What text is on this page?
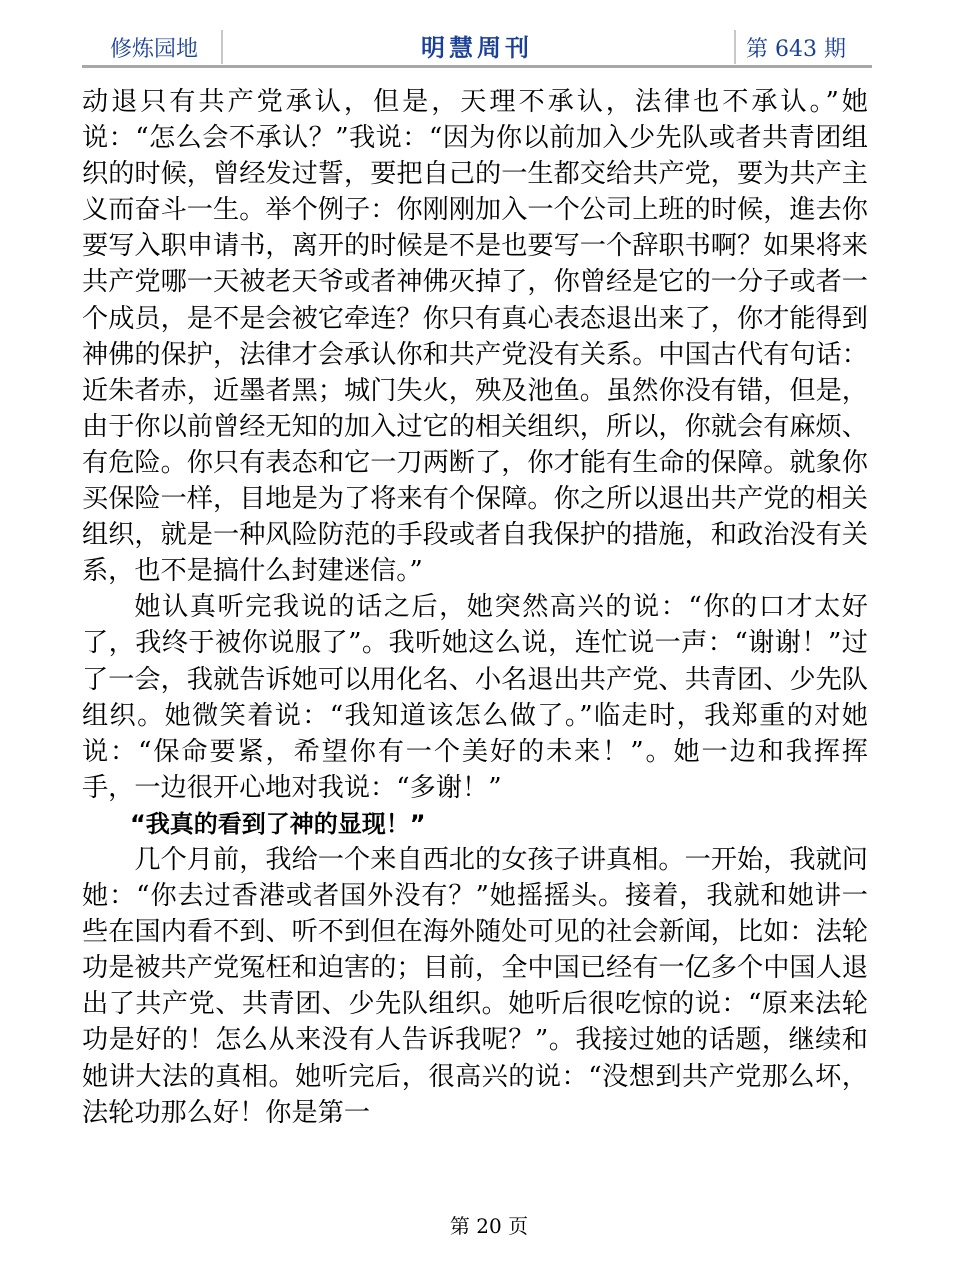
修炼园地	明慧周刊	第 643 期

动退只有共产党承认，但是，天理不承认，法律也不承认。”她说：“怎么会不承认？”我说：“因为你以前加入少先队或者共青团组织的时候，曾经发过誓，要把自己的一生都交给共产党，要为共产主义而奋斗一生。举个例子：你刚刚加入一个公司上班的时候，進去你要写入职申请书，离开的时候是不是也要写一个辞职书啊？如果将来共产党哪一天被老天爷或者神佛灭掉了，你曾经是它的一分子或者一个成员，是不是会被它牵连？你只有真心表态退出来了，你才能得到神佛的保护，法律才会承认你和共产党没有关系。中国古代有句话：近朱者赤，近墨者黑；城门失火，殃及池鱼。虽然你没有错，但是，由于你以前曾经无知的加入过它的相关组织，所以，你就会有麻烦、有危险。你只有表态和它一刀两断了，你才能有生命的保障。就象你买保险一样，目地是为了将来有个保障。你之所以退出共产党的相关组织，就是一种风险防范的手段或者自我保护的措施，和政治没有关系，也不是搞什么封建迷信。”

她认真听完我说的话之后，她突然高兴的说：“你的口才太好了，我终于被你说服了”。我听她这么说，连忙说一声：“谢谢！”过了一会，我就告诉她可以用化名、小名退出共产党、共青团、少先队组织。她微笑着说：“我知道该怎么做了。”临走时，我郑重的对她说：“保命要紧，希望你有一个美好的未来！”。她一边和我挥挥手，一边很开心地对我说：“多谢！”

“我真的看到了神的显现！”

几个月前，我给一个来自西北的女孩子讲真相。一开始，我就问她：“你去过香港或者国外没有？”她摇摇头。接着，我就和她讲一些在国内看不到、听不到但在海外随处可见的社会新闻，比如：法轮功是被共产党冤枉和迫害的；目前，全中国已经有一亿多个中国人退出了共产党、共青团、少先队组织。她听后很吃惊的说：“原来法轮功是好的！怎么从来没有人告诉我呢？”。我接过她的话题，继续和她讲大法的真相。她听完后，很高兴的说：“没想到共产党那么坏，法轮功那么好！你是第一

第 20 页
